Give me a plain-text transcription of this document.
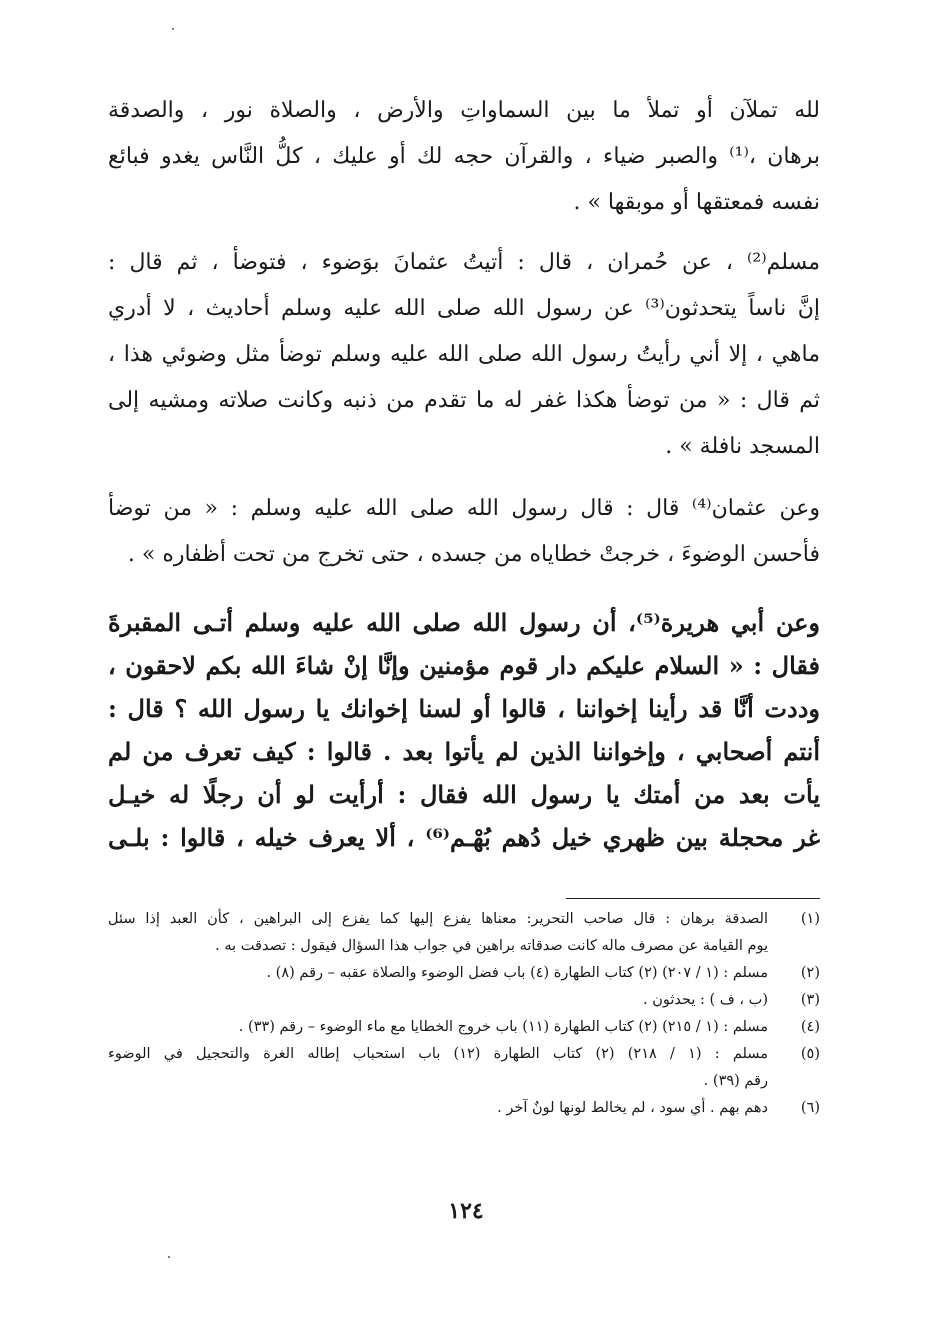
لله تملآن أو تملأ ما بين السماواتِ والأرض ، والصلاة نور ، والصدقة
برهان ،⁽¹⁾ والصبر ضياء ، والقرآن حجه لك أو عليك ، كلُّ النَّاس يغدو فبائع
نفسه فمعتقها أو موبقها » .
مسلم⁽²⁾ ، عن حُمران ، قال : أتيتُ عثمانَ بوَضوء ، فتوضأ ، ثم قال :
إنَّ ناساً يتحدثون⁽³⁾ عن رسول الله صلى الله عليه وسلم أحاديث ، لا أدري
ماهي ، إلا أني رأيتُ رسول الله صلى الله عليه وسلم توضأ مثل وضوئي هذا ،
ثم قال : « من توضأ هكذا غفر له ما تقدم من ذنبه وكانت صلاته ومشيه إلى
المسجد نافلة » .
وعن عثمان⁽⁴⁾ قال : قال رسول الله صلى الله عليه وسلم : « من توضأ
فأحسن الوضوءَ ، خرجتْ خطاياه من جسده ، حتى تخرج من تحت أظفاره » .
وعن أبي هريرة⁽⁵⁾، أن رسول الله صلى الله عليه وسلم أتـى المقبرةَ
فقال : « السلام عليكم دار قوم مؤمنين وإنَّا إنْ شاءَ الله بكم لاحقون ،
وددت أنَّا قد رأينا إخواننا ، قالوا أو لسنا إخوانك يا رسول الله ؟ قال :
أنتم أصحابي ، وإخواننا الذين لم يأتوا بعد . قالوا : كيف تعرف من لم
يأت بعد من أمتك يا رسول الله فقال : أرأيت لو أن رجلًا له خيـل
غر محجلة بين ظهري خيل دُهم بُهْـم⁽⁶⁾ ، ألا يعرف خيله ، قالوا : بلـى
(١)
الصدقة برهان : قال صاحب التحرير: معناها يفزع إليها كما يفزع إلى البراهين ، كأن العبد إذا سئل
يوم القيامة عن مصرف ماله كانت صدقاته براهين في جواب هذا السؤال فيقول : تصدقت به .
(٢)
مسلم : (١ / ٢٠٧) (٢) كتاب الطهارة (٤) باب فضل الوضوء والصلاة عقبه – رقم (٨) .
(٣)
(ب ، ف ) : يحدثون .
(٤)
مسلم : (١ / ٢١٥) (٢) كتاب الطهارة (١١) باب خروج الخطايا مع ماء الوضوء – رقم (٣٣) .
(٥)
مسلم : (١ / ٢١٨) (٢) كتاب الطهارة (١٢) باب استحباب إطاله الغرة والتحجيل في الوضوء
رقم (٣٩) .
(٦)
دهم بهم . أي سود ، لم يخالط لونها لونٌ آخر .
١٢٤
